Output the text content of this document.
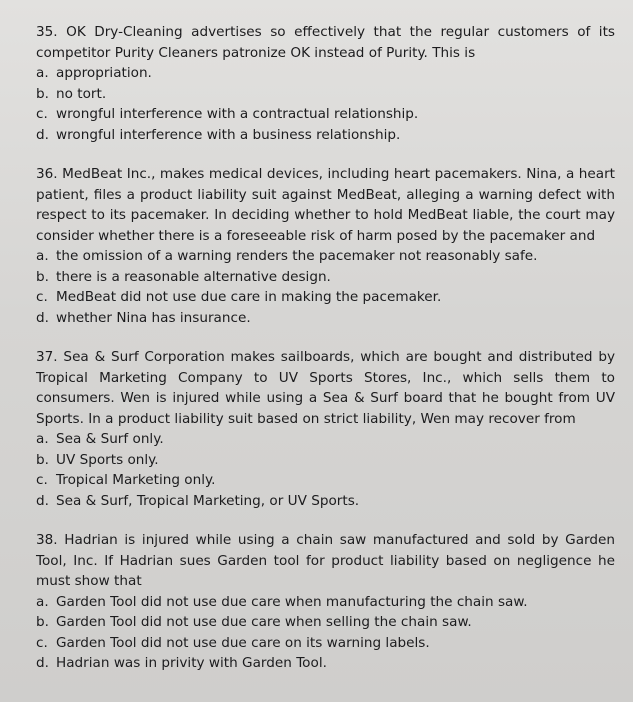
35. OK Dry-Cleaning advertises so effectively that the regular customers of its competitor Purity Cleaners patronize OK instead of Purity. This is

a. appropriation.
b. no tort.
c. wrongful interference with a contractual relationship.
d. wrongful interference with a business relationship.

36. MedBeat Inc., makes medical devices, including heart pacemakers. Nina, a heart patient, files a product liability suit against MedBeat, alleging a warning defect with respect to its pacemaker. In deciding whether to hold MedBeat liable, the court may consider whether there is a foreseeable risk of harm posed by the pacemaker and

a. the omission of a warning renders the pacemaker not reasonably safe.
b. there is a reasonable alternative design.
c. MedBeat did not use due care in making the pacemaker.
d. whether Nina has insurance.

37. Sea & Surf Corporation makes sailboards, which are bought and distributed by Tropical Marketing Company to UV Sports Stores, Inc., which sells them to consumers. Wen is injured while using a Sea & Surf board that he bought from UV Sports. In a product liability suit based on strict liability, Wen may recover from

a. Sea & Surf only.
b. UV Sports only.
c. Tropical Marketing only.
d. Sea & Surf, Tropical Marketing, or UV Sports.

38. Hadrian is injured while using a chain saw manufactured and sold by Garden Tool, Inc. If Hadrian sues Garden tool for product liability based on negligence he must show that

a. Garden Tool did not use due care when manufacturing the chain saw.
b. Garden Tool did not use due care when selling the chain saw.
c. Garden Tool did not use due care on its warning labels.
d. Hadrian was in privity with Garden Tool.
